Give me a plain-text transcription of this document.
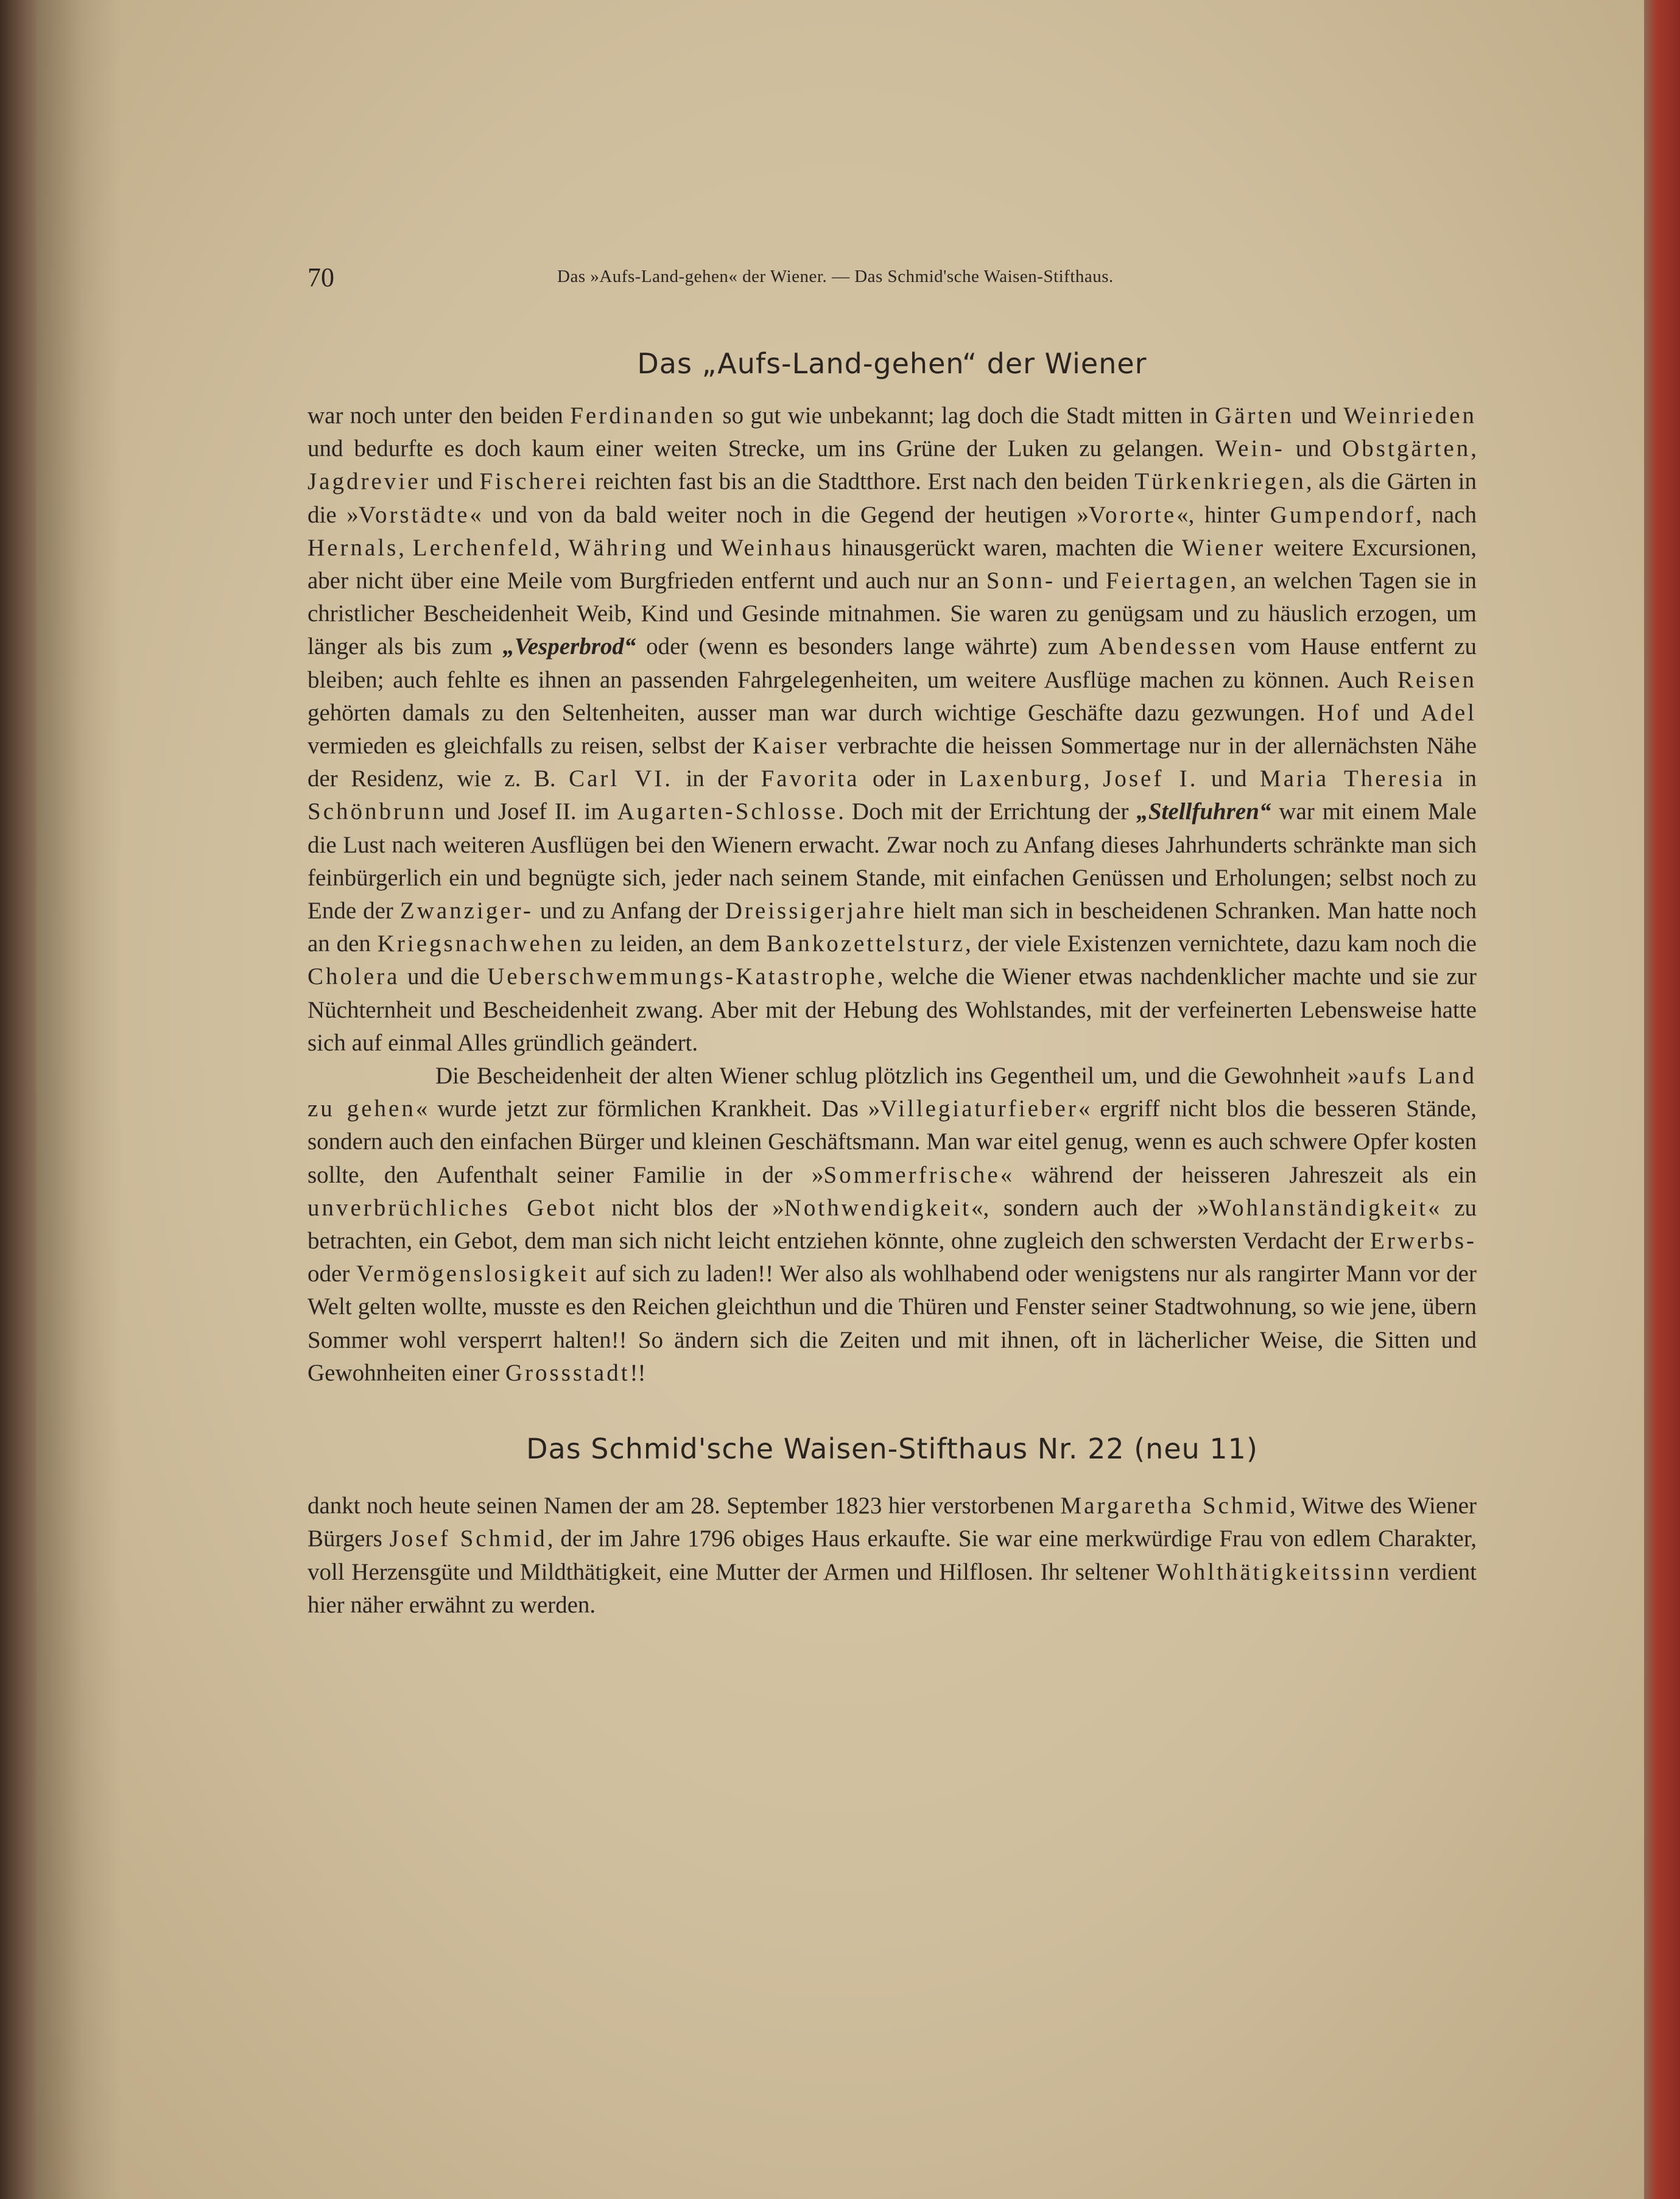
70	Das »Aufs-Land-gehen« der Wiener. — Das Schmid'sche Waisen-Stifthaus.
Das „Aufs-Land-gehen“ der Wiener

war noch unter den beiden Ferdinanden so gut wie unbekannt; lag doch die Stadt mitten in Gärten und Weinrieden und bedurfte es doch kaum einer weiten Strecke, um ins Grüne der Luken zu gelangen. Wein- und Obstgärten, Jagdrevier und Fischerei reichten fast bis an die Stadtthore. Erst nach den beiden Türkenkriegen, als die Gärten in die »Vorstädte« und von da bald weiter noch in die Gegend der heutigen »Vororte«, hinter Gumpendorf, nach Hernals, Lerchenfeld, Währing und Weinhaus hinausgerückt waren, machten die Wiener weitere Excursionen, aber nicht über eine Meile vom Burgfrieden entfernt und auch nur an Sonn- und Feiertagen, an welchen Tagen sie in christlicher Bescheidenheit Weib, Kind und Gesinde mitnahmen. Sie waren zu genügsam und zu häuslich erzogen, um länger als bis zum „Vesperbrod“ oder (wenn es besonders lange währte) zum Abendessen vom Hause entfernt zu bleiben; auch fehlte es ihnen an passenden Fahrgelegenheiten, um weitere Ausflüge machen zu können. Auch Reisen gehörten damals zu den Seltenheiten, ausser man war durch wichtige Geschäfte dazu gezwungen. Hof und Adel vermieden es gleichfalls zu reisen, selbst der Kaiser verbrachte die heissen Sommertage nur in der allernächsten Nähe der Residenz, wie z. B. Carl VI. in der Favorita oder in Laxenburg, Josef I. und Maria Theresia in Schönbrunn und Josef II. im Augarten-Schlosse. Doch mit der Errichtung der „Stellfuhren“ war mit einem Male die Lust nach weiteren Ausflügen bei den Wienern erwacht. Zwar noch zu Anfang dieses Jahrhunderts schränkte man sich feinbürgerlich ein und begnügte sich, jeder nach seinem Stande, mit einfachen Genüssen und Erholungen; selbst noch zu Ende der Zwanziger- und zu Anfang der Dreissigerjahre hielt man sich in bescheidenen Schranken. Man hatte noch an den Kriegsnachwehen zu leiden, an dem Bankozettelsturz, der viele Existenzen vernichtete, dazu kam noch die Cholera und die Ueberschwemmungs-Katastrophe, welche die Wiener etwas nachdenklicher machte und sie zur Nüchternheit und Bescheidenheit zwang. Aber mit der Hebung des Wohlstandes, mit der verfeinerten Lebensweise hatte sich auf einmal Alles gründlich geändert.

Die Bescheidenheit der alten Wiener schlug plötzlich ins Gegentheil um, und die Gewohnheit »aufs Land zu gehen« wurde jetzt zur förmlichen Krankheit. Das »Villegiaturfieber« ergriff nicht blos die besseren Stände, sondern auch den einfachen Bürger und kleinen Geschäftsmann. Man war eitel genug, wenn es auch schwere Opfer kosten sollte, den Aufenthalt seiner Familie in der »Sommerfrische« während der heisseren Jahreszeit als ein unverbrüchliches Gebot nicht blos der »Nothwendigkeit«, sondern auch der »Wohlanständigkeit« zu betrachten, ein Gebot, dem man sich nicht leicht entziehen könnte, ohne zugleich den schwersten Verdacht der Erwerbs- oder Vermögenslosigkeit auf sich zu laden!! Wer also als wohlhabend oder wenigstens nur als rangirter Mann vor der Welt gelten wollte, musste es den Reichen gleichthun und die Thüren und Fenster seiner Stadtwohnung, so wie jene, übern Sommer wohl versperrt halten!! So ändern sich die Zeiten und mit ihnen, oft in lächerlicher Weise, die Sitten und Gewohnheiten einer Grossstadt!!

Das Schmid'sche Waisen-Stifthaus Nr. 22 (neu 11)

dankt noch heute seinen Namen der am 28. September 1823 hier verstorbenen Margaretha Schmid, Witwe des Wiener Bürgers Josef Schmid, der im Jahre 1796 obiges Haus erkaufte. Sie war eine merkwürdige Frau von edlem Charakter, voll Herzensgüte und Mildthätigkeit, eine Mutter der Armen und Hilflosen. Ihr seltener Wohlthätigkeitssinn verdient hier näher erwähnt zu werden.
